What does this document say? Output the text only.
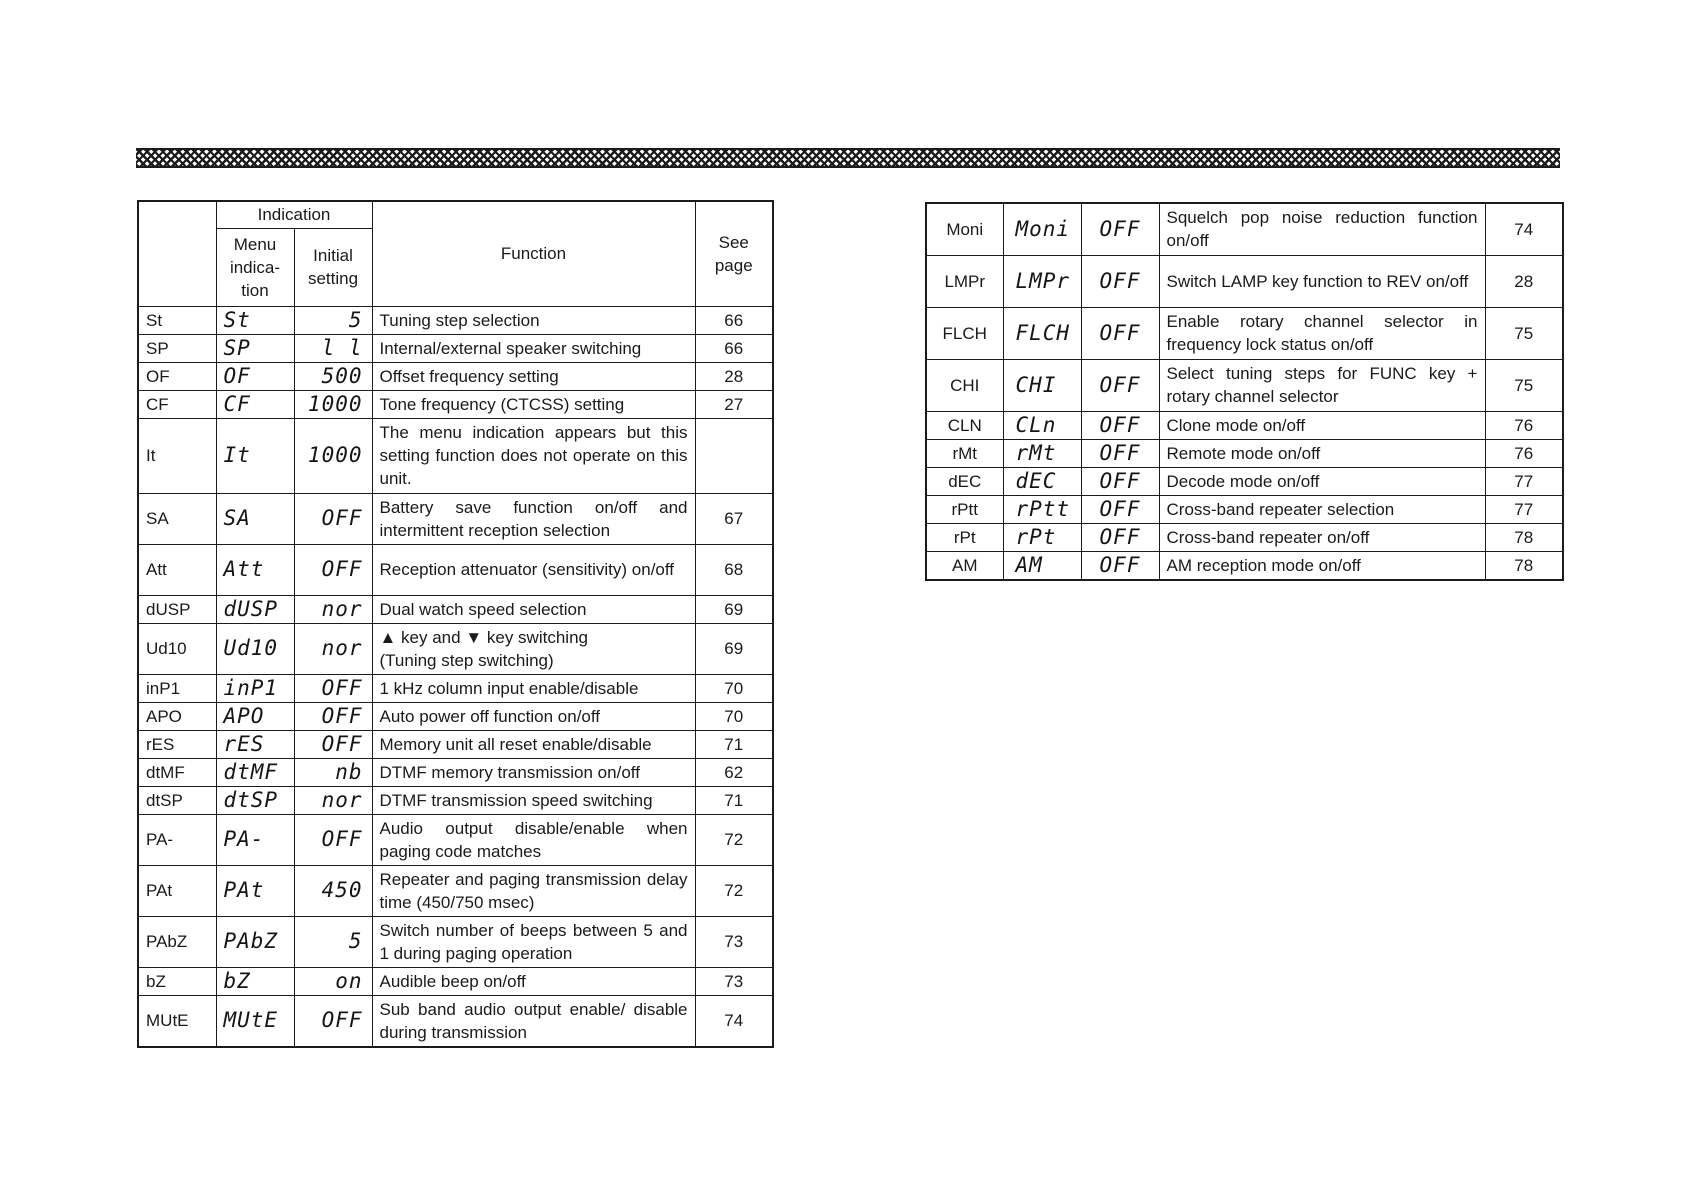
	Indication		Function	See
page
	Menu
indica-
tion	Initial
setting		
St	St	5	Tuning step selection	66
SP	SP	l l	Internal/external speaker switching	66
OF	OF	500	Offset frequency setting	28
CF	CF	1000	Tone frequency (CTCSS) setting	27
It	It	1000	The menu indication appears but this setting function does not operate on this unit.	
SA	SA	OFF	Battery save function on/off and intermittent reception selection	67
Att	Att	OFF	Reception attenuator (sensitivity) on/off	68
dUSP	dUSP	nor	Dual watch speed selection	69
Ud10	Ud10	nor	▲ key and ▼ key switching
(Tuning step switching)	69
inP1	inP1	OFF	1 kHz column input enable/disable	70
APO	APO	OFF	Auto power off function on/off	70
rES	rES	OFF	Memory unit all reset enable/disable	71
dtMF	dtMF	nb	DTMF memory transmission on/off	62
dtSP	dtSP	nor	DTMF transmission speed switching	71
PA-	PA-	OFF	Audio output disable/enable when paging code matches	72
PAt	PAt	450	Repeater and paging transmission delay time (450/750 msec)	72
PAbZ	PAbZ	5	Switch number of beeps between 5 and 1 during paging operation	73
bZ	bZ	on	Audible beep on/off	73
MUtE	MUtE	OFF	Sub band audio output enable/ disable during transmission	74
Moni	Moni	OFF	Squelch pop noise reduction function on/off	74
LMPr	LMPr	OFF	Switch LAMP key function to REV on/off	28
FLCH	FLCH	OFF	Enable rotary channel selector in frequency lock status on/off	75
CHI	CHI	OFF	Select tuning steps for FUNC key + rotary channel selector	75
CLN	CLn	OFF	Clone mode on/off	76
rMt	rMt	OFF	Remote mode on/off	76
dEC	dEC	OFF	Decode mode on/off	77
rPtt	rPtt	OFF	Cross-band repeater selection	77
rPt	rPt	OFF	Cross-band repeater on/off	78
AM	AM	OFF	AM reception mode on/off	78
